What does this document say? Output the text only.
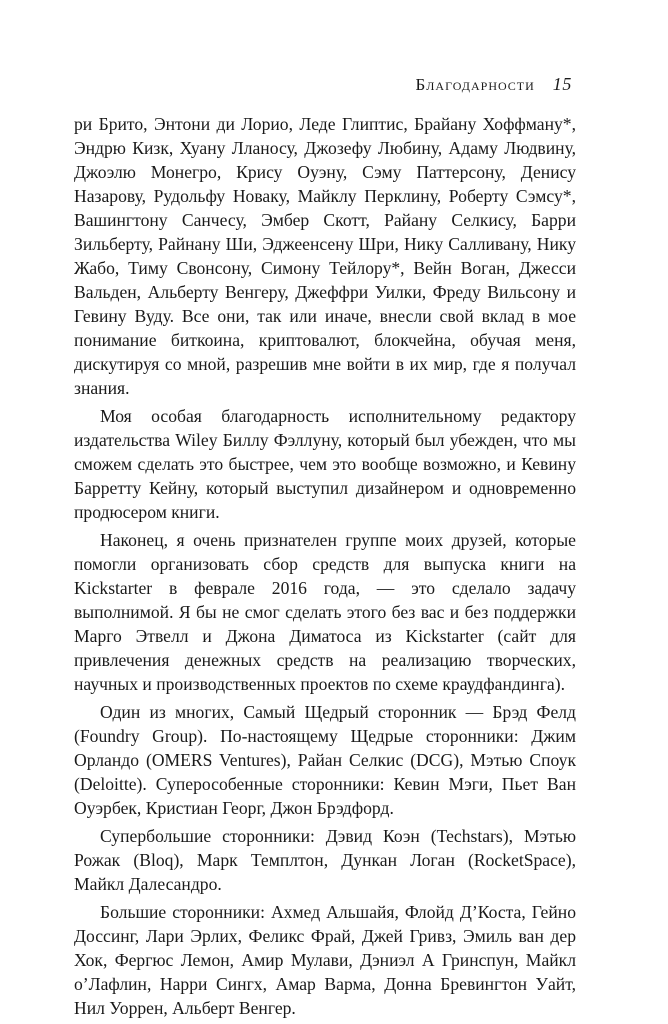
Благодарности 15

ри Брито, Энтони ди Лорио, Леде Глиптис, Брайану Хоффману*, Эндрю Кизк, Хуану Лланосу, Джозефу Любину, Адаму Людвину, Джоэлю Монегро, Крису Оуэну, Сэму Паттерсону, Денису Назарову, Рудольфу Новаку, Майклу Перклину, Роберту Сэмсу*, Вашингтону Санчесу, Эмбер Скотт, Райану Селкису, Барри Зильберту, Райнану Ши, Эджеенсену Шри, Нику Салливану, Нику Жабо, Тиму Свонсону, Симону Тейлору*, Вейн Воган, Джесси Вальден, Альберту Венгеру, Джеффри Уилки, Фреду Вильсону и Гевину Вуду. Все они, так или иначе, внесли свой вклад в мое понимание биткоина, криптовалют, блокчейна, обучая меня, дискутируя со мной, разрешив мне войти в их мир, где я получал знания.

Моя особая благодарность исполнительному редактору издательства Wiley Биллу Фэллуну, который был убежден, что мы сможем сделать это быстрее, чем это вообще возможно, и Кевину Барретту Кейну, который выступил дизайнером и одновременно продюсером книги.

Наконец, я очень признателен группе моих друзей, которые помогли организовать сбор средств для выпуска книги на Kickstarter в феврале 2016 года, — это сделало задачу выполнимой. Я бы не смог сделать этого без вас и без поддержки Марго Этвелл и Джона Диматоса из Kickstarter (сайт для привлечения денежных средств на реализацию творческих, научных и производственных проектов по схеме краудфандинга).

Один из многих, Самый Щедрый сторонник — Брэд Фелд (Foundry Group). По-настоящему Щедрые сторонники: Джим Орландо (OMERS Ventures), Райан Селкис (DCG), Мэтью Споук (Deloitte). Суперособенные сторонники: Кевин Мэги, Пьет Ван Оуэрбек, Кристиан Георг, Джон Брэдфорд.

Супербольшие сторонники: Дэвид Коэн (Techstars), Мэтью Рожак (Bloq), Марк Темплтон, Дункан Логан (RocketSpace), Майкл Далесандро.

Большие сторонники: Ахмед Альшайя, Флойд Д’Коста, Гейно Доссинг, Лари Эрлих, Феликс Фрай, Джей Гривз, Эмиль ван дер Хок, Фергюс Лемон, Амир Мулави, Дэниэл А Гринспун, Майкл о’Лафлин, Нарри Сингх, Амар Варма, Донна Бревингтон Уайт, Нил Уоррен, Альберт Венгер.
